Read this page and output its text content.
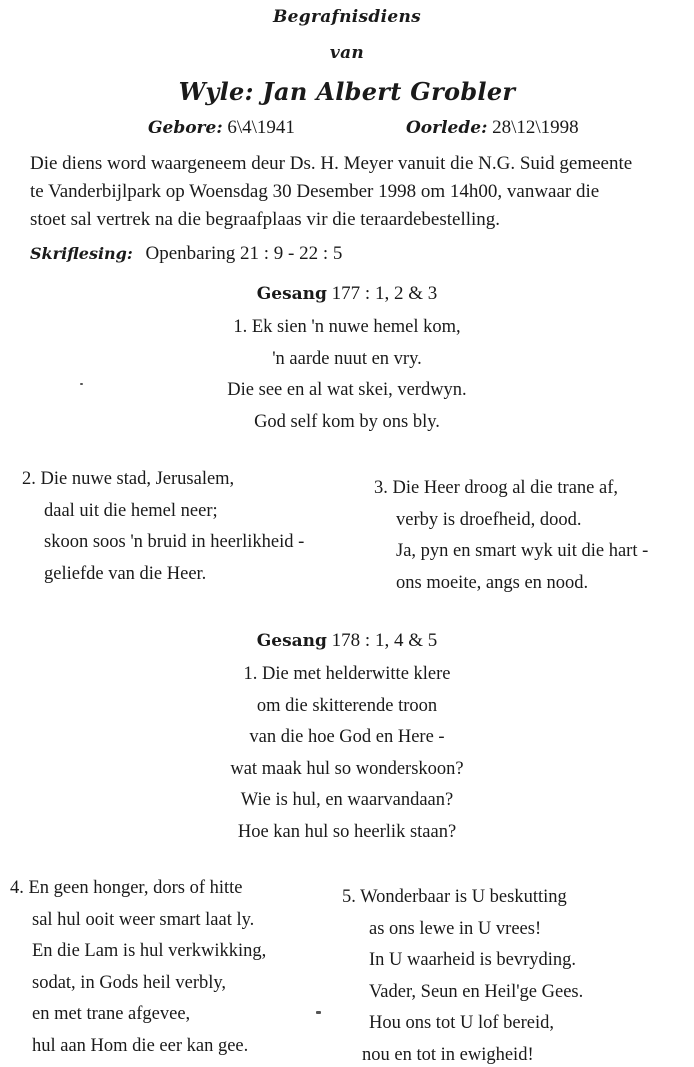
Begrafnisdiens
van
Wyle: Jan Albert Grobler
Gebore: 6\4\1941	Oorlede: 28\12\1998
Die diens word waargeneem deur Ds. H. Meyer vanuit die N.G. Suid gemeente
te Vanderbijlpark op Woensdag 30 Desember 1998 om 14h00, vanwaar die
stoet sal vertrek na die begraafplaas vir die teraardebestelling.
Skriflesing: Openbaring 21 : 9 - 22 : 5
Gesang 177 : 1, 2 & 3
1. Ek sien 'n nuwe hemel kom,
'n aarde nuut en vry.
Die see en al wat skei, verdwyn.
God self kom by ons bly.
2. Die nuwe stad, Jerusalem,
daal uit die hemel neer;
skoon soos 'n bruid in heerlikheid -
geliefde van die Heer.
3. Die Heer droog al die trane af,
verby is droefheid, dood.
Ja, pyn en smart wyk uit die hart -
ons moeite, angs en nood.
Gesang 178 : 1, 4 & 5
1. Die met helderwitte klere
om die skitterende troon
van die hoe God en Here -
wat maak hul so wonderskoon?
Wie is hul, en waarvandaan?
Hoe kan hul so heerlik staan?
4. En geen honger, dors of hitte
sal hul ooit weer smart laat ly.
En die Lam is hul verkwikking,
sodat, in Gods heil verbly,
en met trane afgevee,
hul aan Hom die eer kan gee.
5. Wonderbaar is U beskutting
as ons lewe in U vrees!
In U waarheid is bevryding.
Vader, Seun en Heil'ge Gees.
Hou ons tot U lof bereid,
nou en tot in ewigheid!
